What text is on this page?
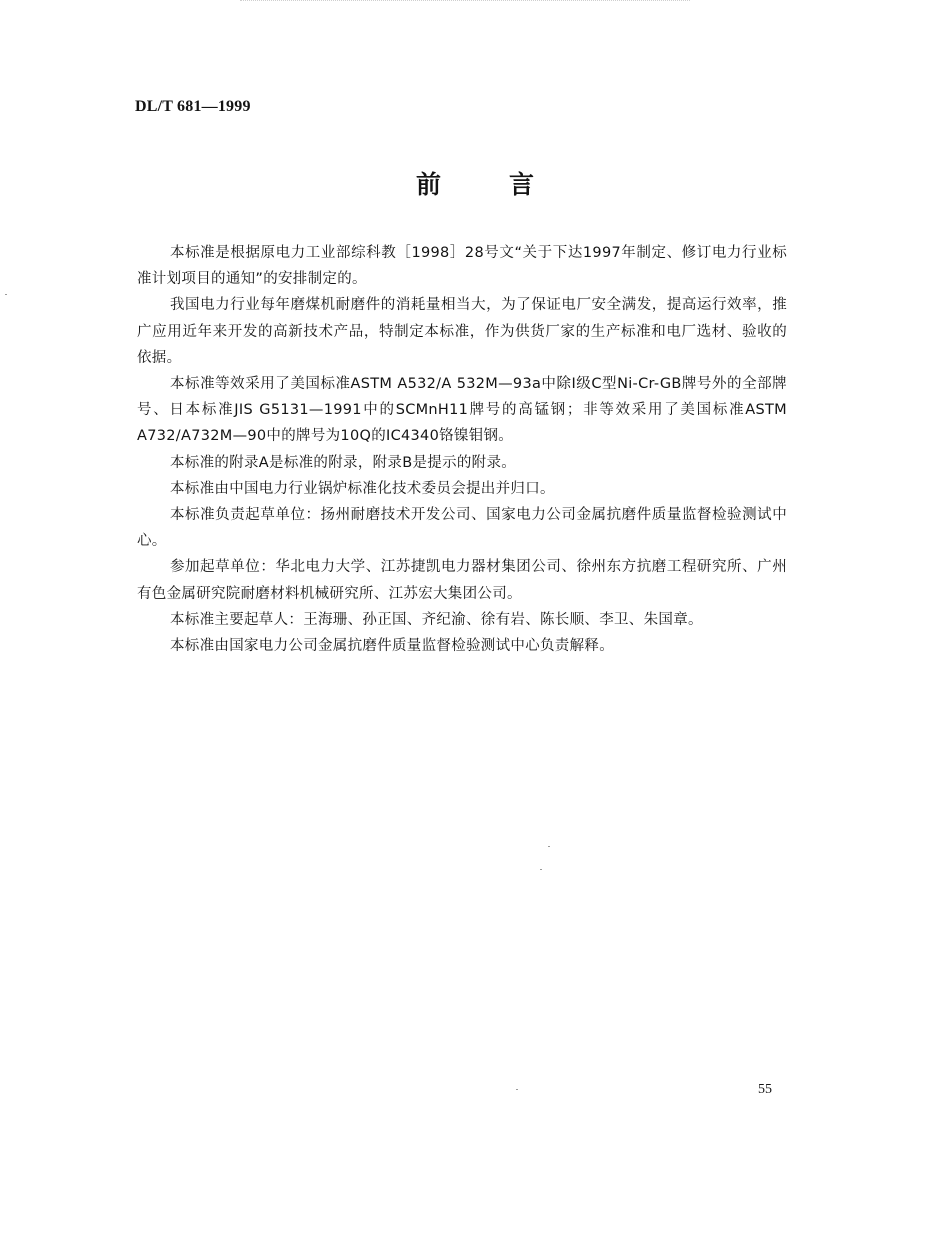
DL/T 681—1999
前言

本标准是根据原电力工业部综科教［1998］28号文“关于下达1997年制定、修订电力行业标准计划项目的通知”的安排制定的。

我国电力行业每年磨煤机耐磨件的消耗量相当大，为了保证电厂安全满发，提高运行效率，推广应用近年来开发的高新技术产品，特制定本标准，作为供货厂家的生产标准和电厂选材、验收的依据。

本标准等效采用了美国标准ASTM A532/A 532M—93a中除Ⅰ级C型Ni-Cr-GB牌号外的全部牌号、日本标准JIS G5131—1991中的SCMnH11牌号的高锰钢；非等效采用了美国标准ASTM A732/A732M—90中的牌号为10Q的IC4340铬镍钼钢。

本标准的附录A是标准的附录，附录B是提示的附录。

本标准由中国电力行业锅炉标准化技术委员会提出并归口。

本标准负责起草单位：扬州耐磨技术开发公司、国家电力公司金属抗磨件质量监督检验测试中心。

参加起草单位：华北电力大学、江苏捷凯电力器材集团公司、徐州东方抗磨工程研究所、广州有色金属研究院耐磨材料机械研究所、江苏宏大集团公司。

本标准主要起草人：王海珊、孙正国、齐纪渝、徐有岩、陈长顺、李卫、朱国章。

本标准由国家电力公司金属抗磨件质量监督检验测试中心负责解释。

55
